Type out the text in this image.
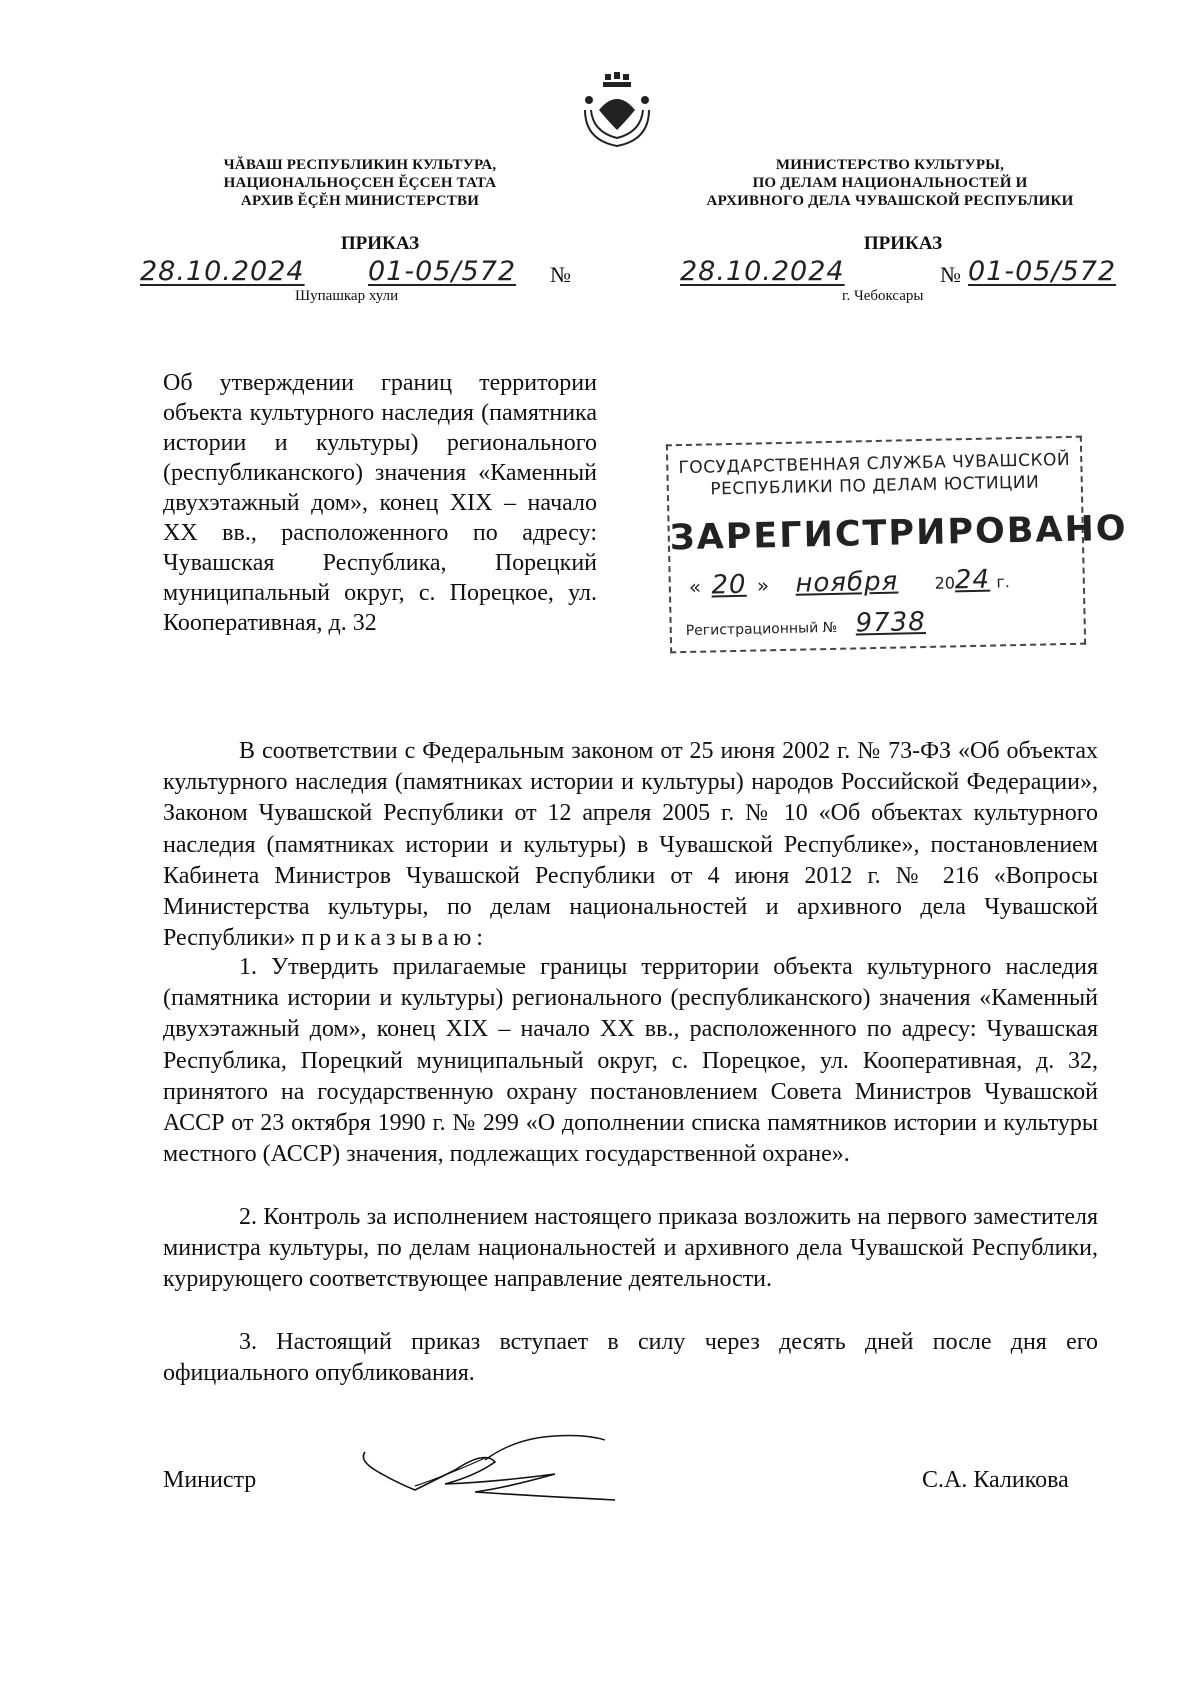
ЧĂВАШ РЕСПУБЛИКИН КУЛЬТУРА,
НАЦИОНАЛЬНОÇСЕН ĔÇСЕН ТАТА
АРХИВ ĔÇĔН МИНИСТЕРСТВИ
МИНИСТЕРСТВО КУЛЬТУРЫ,
ПО ДЕЛАМ НАЦИОНАЛЬНОСТЕЙ И
АРХИВНОГО ДЕЛА ЧУВАШСКОЙ РЕСПУБЛИКИ
ПРИКАЗ	ПРИКАЗ
28.10.2024 01-05/572 №
Шупашкар хули
28.10.2024	№ 01-05/572
г. Чебоксары
Об утверждении границ территории объекта культурного наследия (памятника истории и культуры) регионального (республиканского) значения «Каменный двухэтажный дом», конец XIX – начало XX вв., расположенного по адресу: Чувашская Республика, Порецкий муниципальный округ, с. Порецкое, ул. Кооперативная, д. 32
ГОСУДАРСТВЕННАЯ СЛУЖБА ЧУВАШСКОЙ
РЕСПУБЛИКИ ПО ДЕЛАМ ЮСТИЦИИ
ЗАРЕГИСТРИРОВАНО
« 20 » ноября 2024 г.
Регистрационный № 9738
В соответствии с Федеральным законом от 25 июня 2002 г. № 73-ФЗ «Об объектах культурного наследия (памятниках истории и культуры) народов Российской Федерации», Законом Чувашской Республики от 12 апреля 2005 г. № 10 «Об объектах культурного наследия (памятниках истории и культуры) в Чувашской Республике», постановлением Кабинета Министров Чувашской Республики от 4 июня 2012 г. № 216 «Вопросы Министерства культуры, по делам национальностей и архивного дела Чувашской Республики» приказываю:
1. Утвердить прилагаемые границы территории объекта культурного наследия (памятника истории и культуры) регионального (республиканского) значения «Каменный двухэтажный дом», конец XIX – начало XX вв., расположенного по адресу: Чувашская Республика, Порецкий муниципальный округ, с. Порецкое, ул. Кооперативная, д. 32, принятого на государственную охрану постановлением Совета Министров Чувашской АССР от 23 октября 1990 г. № 299 «О дополнении списка памятников истории и культуры местного (АССР) значения, подлежащих государственной охране».
2. Контроль за исполнением настоящего приказа возложить на первого заместителя министра культуры, по делам национальностей и архивного дела Чувашской Республики, курирующего соответствующее направление деятельности.
3. Настоящий приказ вступает в силу через десять дней после дня его официального опубликования.
Министр	С.А. Каликова
